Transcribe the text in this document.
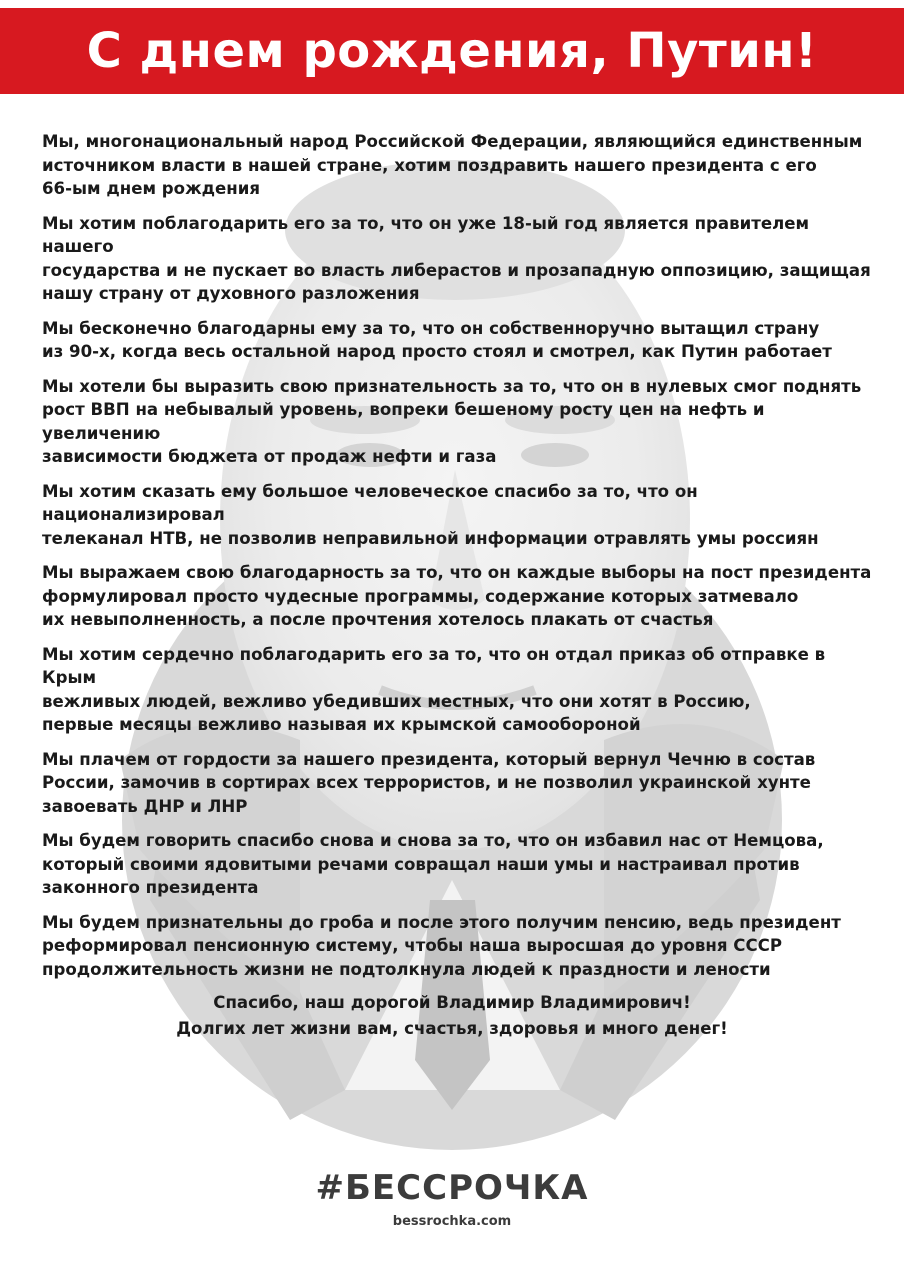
С днем рождения, Путин!

Мы, многонациональный народ Российской Федерации, являющийся единственным
источником власти в нашей стране, хотим поздравить нашего президента с его
66-ым днем рождения

Мы хотим поблагодарить его за то, что он уже 18-ый год является правителем нашего
государства и не пускает во власть либерастов и прозападную оппозицию, защищая
нашу страну от духовного разложения

Мы бесконечно благодарны ему за то, что он собственноручно вытащил страну
из 90-х, когда весь остальной народ просто стоял и смотрел, как Путин работает

Мы хотели бы выразить свою признательность за то, что он в нулевых смог поднять
рост ВВП на небывалый уровень, вопреки бешеному росту цен на нефть и увеличению
зависимости бюджета от продаж нефти и газа

Мы хотим сказать ему большое человеческое спасибо за то, что он национализировал
телеканал НТВ, не позволив неправильной информации отравлять умы россиян

Мы выражаем свою благодарность за то, что он каждые выборы на пост президента
формулировал просто чудесные программы, содержание которых затмевало
их невыполненность, а после прочтения хотелось плакать от счастья

Мы хотим сердечно поблагодарить его за то, что он отдал приказ об отправке в Крым
вежливых людей, вежливо убедивших местных, что они хотят в Россию,
первые месяцы вежливо называя их крымской самообороной

Мы плачем от гордости за нашего президента, который вернул Чечню в состав
России, замочив в сортирах всех террористов, и не позволил украинской хунте
завоевать ДНР и ЛНР

Мы будем говорить спасибо снова и снова за то, что он избавил нас от Немцова,
который своими ядовитыми речами совращал наши умы и настраивал против
законного президента

Мы будем признательны до гроба и после этого получим пенсию, ведь президент
реформировал пенсионную систему, чтобы наша выросшая до уровня СССР
продолжительность жизни не подтолкнула людей к праздности и лености

Спасибо, наш дорогой Владимир Владимирович!
Долгих лет жизни вам, счастья, здоровья и много денег!
#БЕССРОЧКА
bessrochka.com
